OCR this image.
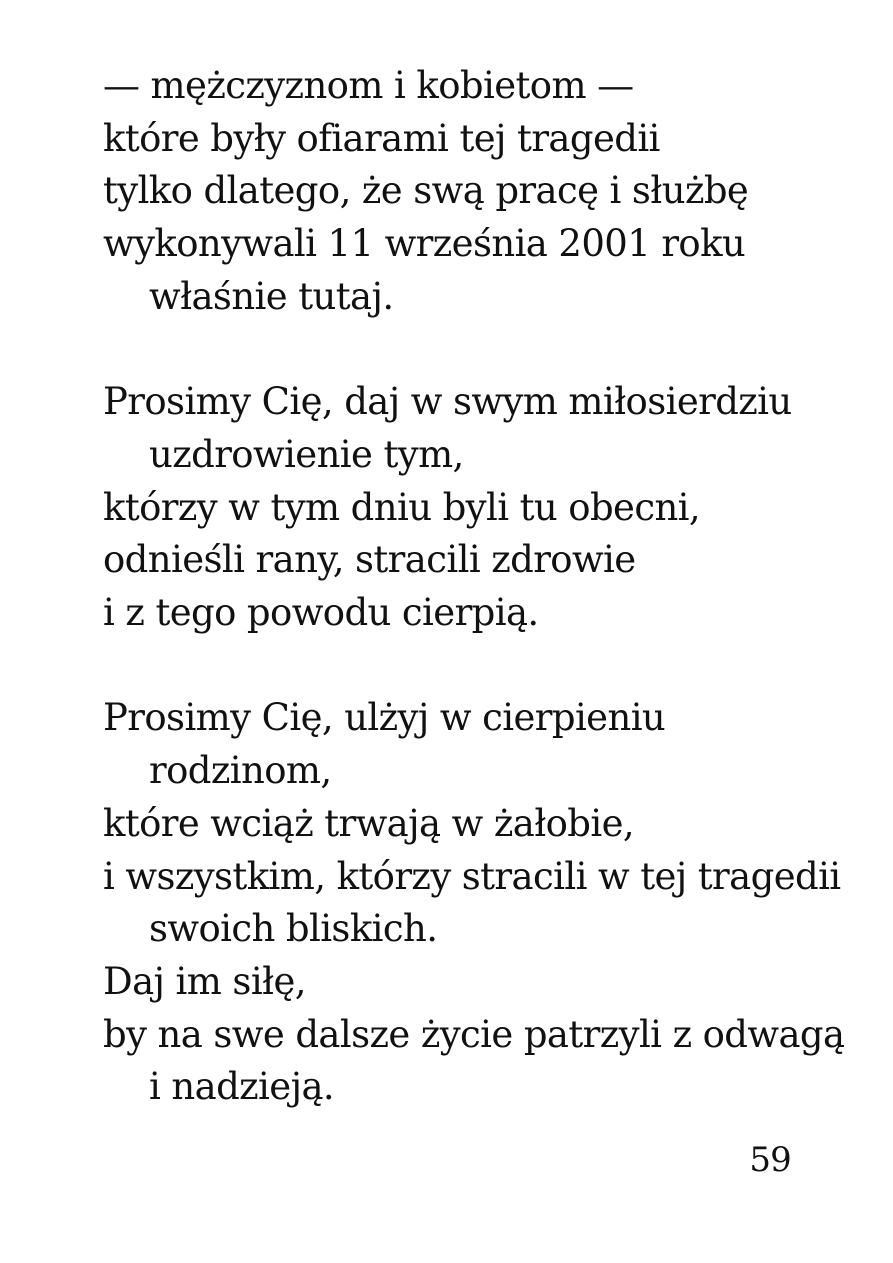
— mężczyznom i kobietom —
które były ofiarami tej tragedii
tylko dlatego, że swą pracę i służbę
wykonywali 11 września 2001 roku
właśnie tutaj.
Prosimy Cię, daj w swym miłosierdziu
uzdrowienie tym,
którzy w tym dniu byli tu obecni,
odnieśli rany, stracili zdrowie
i z tego powodu cierpią.
Prosimy Cię, ulżyj w cierpieniu
rodzinom,
które wciąż trwają w żałobie,
i wszystkim, którzy stracili w tej tragedii
swoich bliskich.
Daj im siłę,
by na swe dalsze życie patrzyli z odwagą
i nadzieją.
59
